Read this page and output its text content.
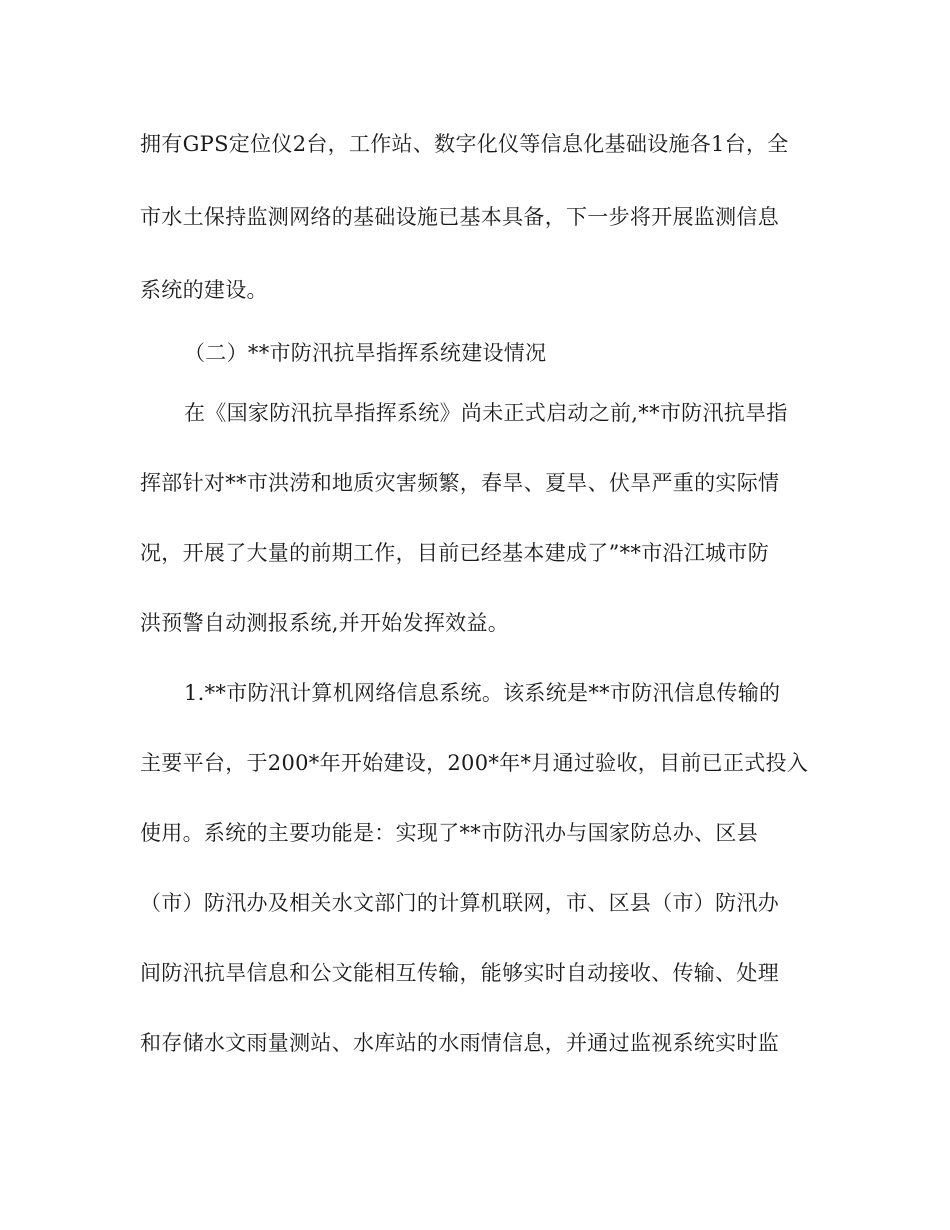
拥有GPS定位仪2台，工作站、数字化仪等信息化基础设施各1台，全
市水土保持监测网络的基础设施已基本具备，下一步将开展监测信息
系统的建设。
（二）**市防汛抗旱指挥系统建设情况
在《国家防汛抗旱指挥系统》尚未正式启动之前,**市防汛抗旱指
挥部针对**市洪涝和地质灾害频繁，春旱、夏旱、伏旱严重的实际情
况，开展了大量的前期工作，目前已经基本建成了”**市沿江城市防
洪预警自动测报系统,并开始发挥效益。
1.**市防汛计算机网络信息系统。该系统是**市防汛信息传输的
主要平台，于200*年开始建设，200*年*月通过验收，目前已正式投入
使用。系统的主要功能是：实现了**市防汛办与国家防总办、区县
（市）防汛办及相关水文部门的计算机联网，市、区县（市）防汛办
间防汛抗旱信息和公文能相互传输，能够实时自动接收、传输、处理
和存储水文雨量测站、水库站的水雨情信息，并通过监视系统实时监
